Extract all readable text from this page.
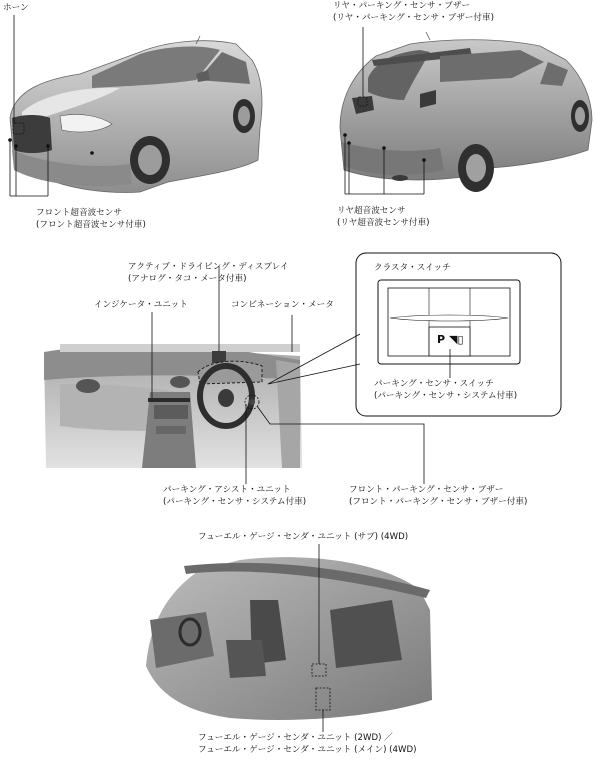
ホーン	リヤ・パーキング・センサ・ブザー
(リヤ・パーキング・センサ・ブザー付車)
フロント超音波センサ
(フロント超音波センサ付車)
リヤ超音波センサ
(リヤ超音波センサ付車)
アクティブ・ドライビング・ディスプレイ
(アナログ・タコ・メータ付車)
インジケータ・ユニット	コンビネーション・メータ
クラスタ・スイッチ
P ◥▯
パーキング・センサ・スイッチ
(パーキング・センサ・システム付車)
パーキング・アシスト・ユニット
(パーキング・センサ・システム付車)
フロント・パーキング・センサ・ブザー
(フロント・パーキング・センサ・ブザー付車)
フューエル・ゲージ・センダ・ユニット (サブ) (4WD)
フューエル・ゲージ・センダ・ユニット (2WD) ／
フューエル・ゲージ・センダ・ユニット (メイン) (4WD)
